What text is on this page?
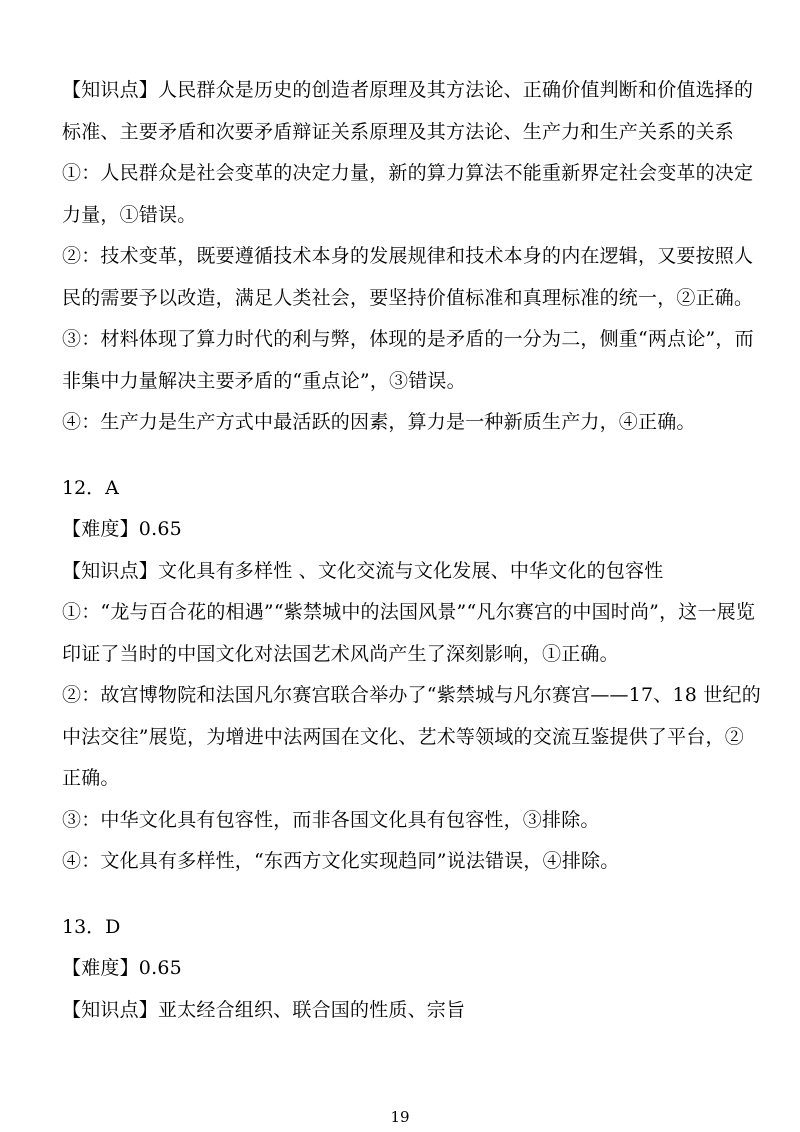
【知识点】人民群众是历史的创造者原理及其方法论、正确价值判断和价值选择的
标准、主要矛盾和次要矛盾辩证关系原理及其方法论、生产力和生产关系的关系
①：人民群众是社会变革的决定力量，新的算力算法不能重新界定社会变革的决定
力量，①错误。
②：技术变革，既要遵循技术本身的发展规律和技术本身的内在逻辑，又要按照人
民的需要予以改造，满足人类社会，要坚持价值标准和真理标准的统一，②正确。
③：材料体现了算力时代的利与弊，体现的是矛盾的一分为二，侧重“两点论”，而
非集中力量解决主要矛盾的“重点论”，③错误。
④：生产力是生产方式中最活跃的因素，算力是一种新质生产力，④正确。
12．A
【难度】0.65
【知识点】文化具有多样性 、文化交流与文化发展、中华文化的包容性
①：“龙与百合花的相遇”“紫禁城中的法国风景”“凡尔赛宫的中国时尚”，这一展览
印证了当时的中国文化对法国艺术风尚产生了深刻影响，①正确。
②：故宫博物院和法国凡尔赛宫联合举办了“紫禁城与凡尔赛宫——17、18 世纪的
中法交往”展览，为增进中法两国在文化、艺术等领域的交流互鉴提供了平台，②
正确。
③：中华文化具有包容性，而非各国文化具有包容性，③排除。
④：文化具有多样性，“东西方文化实现趋同”说法错误，④排除。
13．D
【难度】0.65
【知识点】亚太经合组织、联合国的性质、宗旨
19
